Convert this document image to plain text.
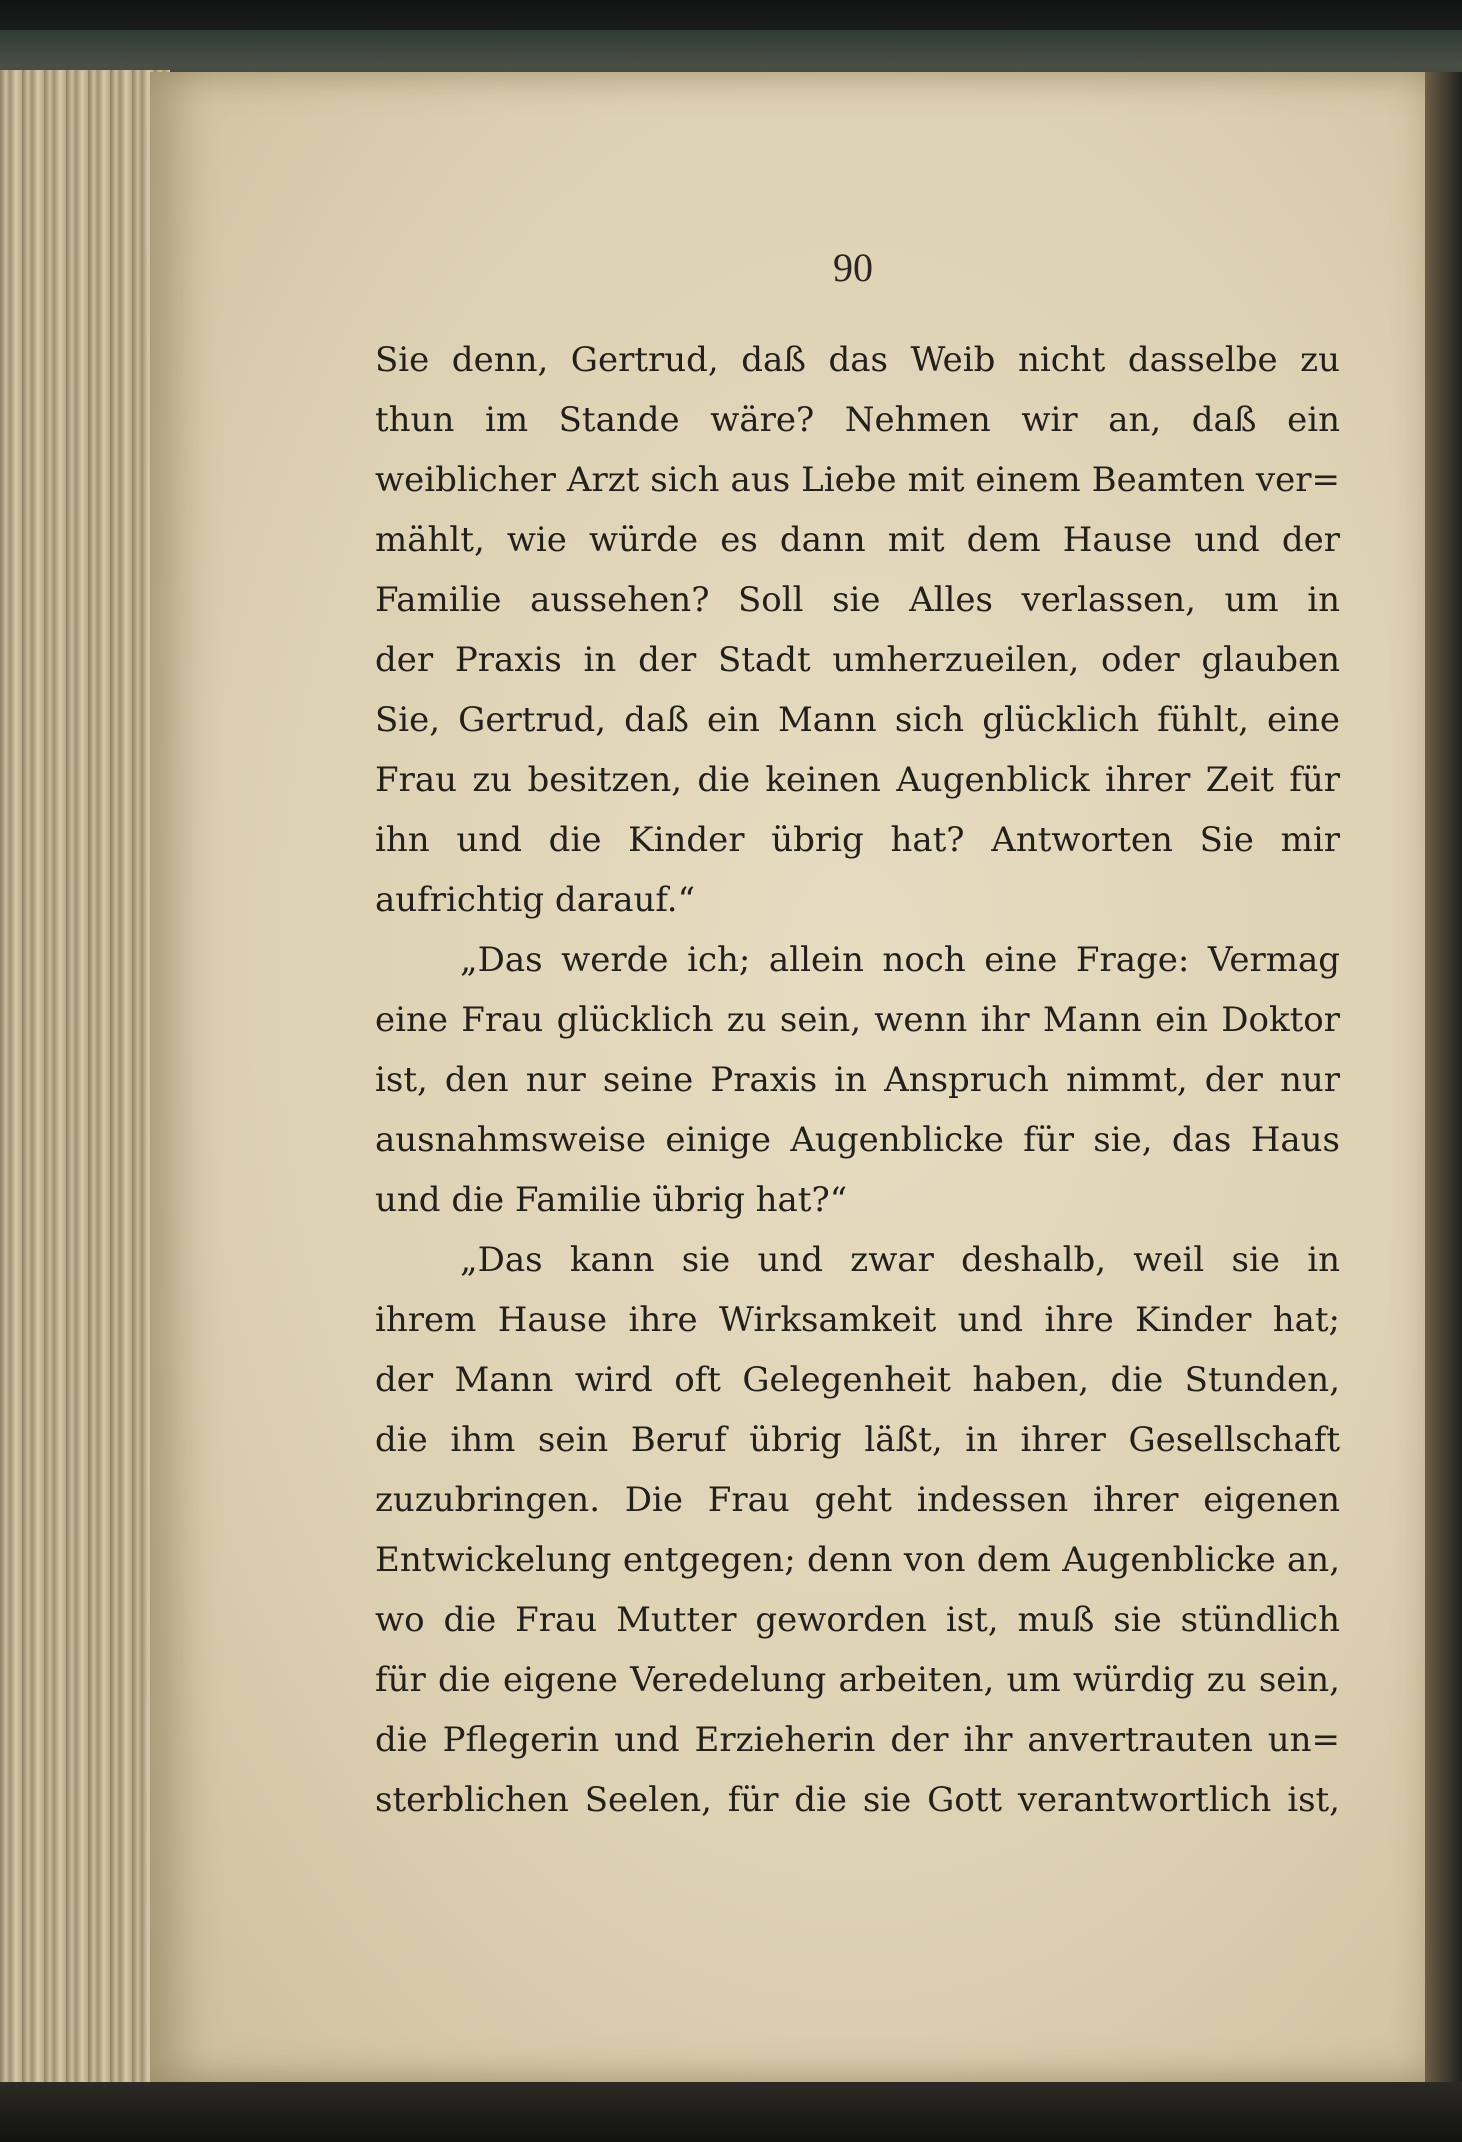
90
Sie denn, Gertrud, daß das Weib nicht dasselbe zu
thun im Stande wäre? Nehmen wir an, daß ein
weiblicher Arzt sich aus Liebe mit einem Beamten ver=
mählt, wie würde es dann mit dem Hause und der
Familie aussehen? Soll sie Alles verlassen, um in
der Praxis in der Stadt umherzueilen, oder glauben
Sie, Gertrud, daß ein Mann sich glücklich fühlt, eine
Frau zu besitzen, die keinen Augenblick ihrer Zeit für
ihn und die Kinder übrig hat? Antworten Sie mir
aufrichtig darauf.“
„Das werde ich; allein noch eine Frage: Vermag
eine Frau glücklich zu sein, wenn ihr Mann ein Doktor
ist, den nur seine Praxis in Anspruch nimmt, der nur
ausnahmsweise einige Augenblicke für sie, das Haus
und die Familie übrig hat?“
„Das kann sie und zwar deshalb, weil sie in
ihrem Hause ihre Wirksamkeit und ihre Kinder hat;
der Mann wird oft Gelegenheit haben, die Stunden,
die ihm sein Beruf übrig läßt, in ihrer Gesellschaft
zuzubringen. Die Frau geht indessen ihrer eigenen
Entwickelung entgegen; denn von dem Augenblicke an,
wo die Frau Mutter geworden ist, muß sie stündlich
für die eigene Veredelung arbeiten, um würdig zu sein,
die Pflegerin und Erzieherin der ihr anvertrauten un=
sterblichen Seelen, für die sie Gott verantwortlich ist,
